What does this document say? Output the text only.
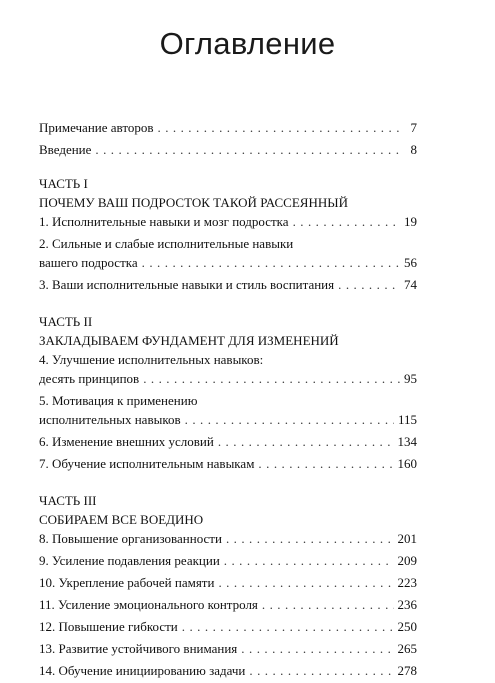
Оглавление
Примечание авторов . . .	7
Введение . . .	8
ЧАСТЬ I
ПОЧЕМУ ВАШ ПОДРОСТОК ТАКОЙ РАССЕЯННЫЙ
1. Исполнительные навыки и мозг подростка . . .	19
2. Сильные и слабые исполнительные навыки
вашего подростка . . .	56
3. Ваши исполнительные навыки и стиль воспитания . . .	74
ЧАСТЬ II
ЗАКЛАДЫВАЕМ ФУНДАМЕНТ ДЛЯ ИЗМЕНЕНИЙ
4. Улучшение исполнительных навыков:
десять принципов . . .	95
5. Мотивация к применению
исполнительных навыков . . .	115
6. Изменение внешних условий . . .	134
7. Обучение исполнительным навыкам . . .	160
ЧАСТЬ III
СОБИРАЕМ ВСЕ ВОЕДИНО
8. Повышение организованности . . .	201
9. Усиление подавления реакции . . .	209
10. Укрепление рабочей памяти . . .	223
11. Усиление эмоционального контроля . . .	236
12. Повышение гибкости . . .	250
13. Развитие устойчивого внимания . . .	265
14. Обучение инициированию задачи . . .	278
